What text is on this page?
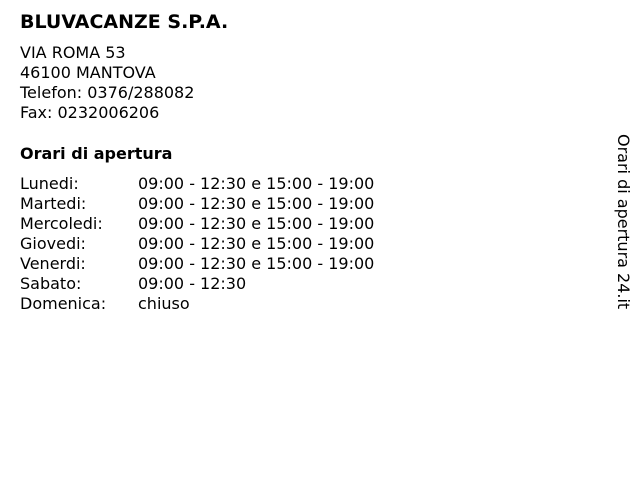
BLUVACANZE S.P.A.
VIA ROMA 53
46100 MANTOVA
Telefon: 0376/288082
Fax: 0232006206
Orari di apertura
Lunedi:	09:00 - 12:30 e 15:00 - 19:00
Martedi:	09:00 - 12:30 e 15:00 - 19:00
Mercoledi:	09:00 - 12:30 e 15:00 - 19:00
Giovedi:	09:00 - 12:30 e 15:00 - 19:00
Venerdi:	09:00 - 12:30 e 15:00 - 19:00
Sabato:	09:00 - 12:30
Domenica:	chiuso	Orari di apertura 24.it
